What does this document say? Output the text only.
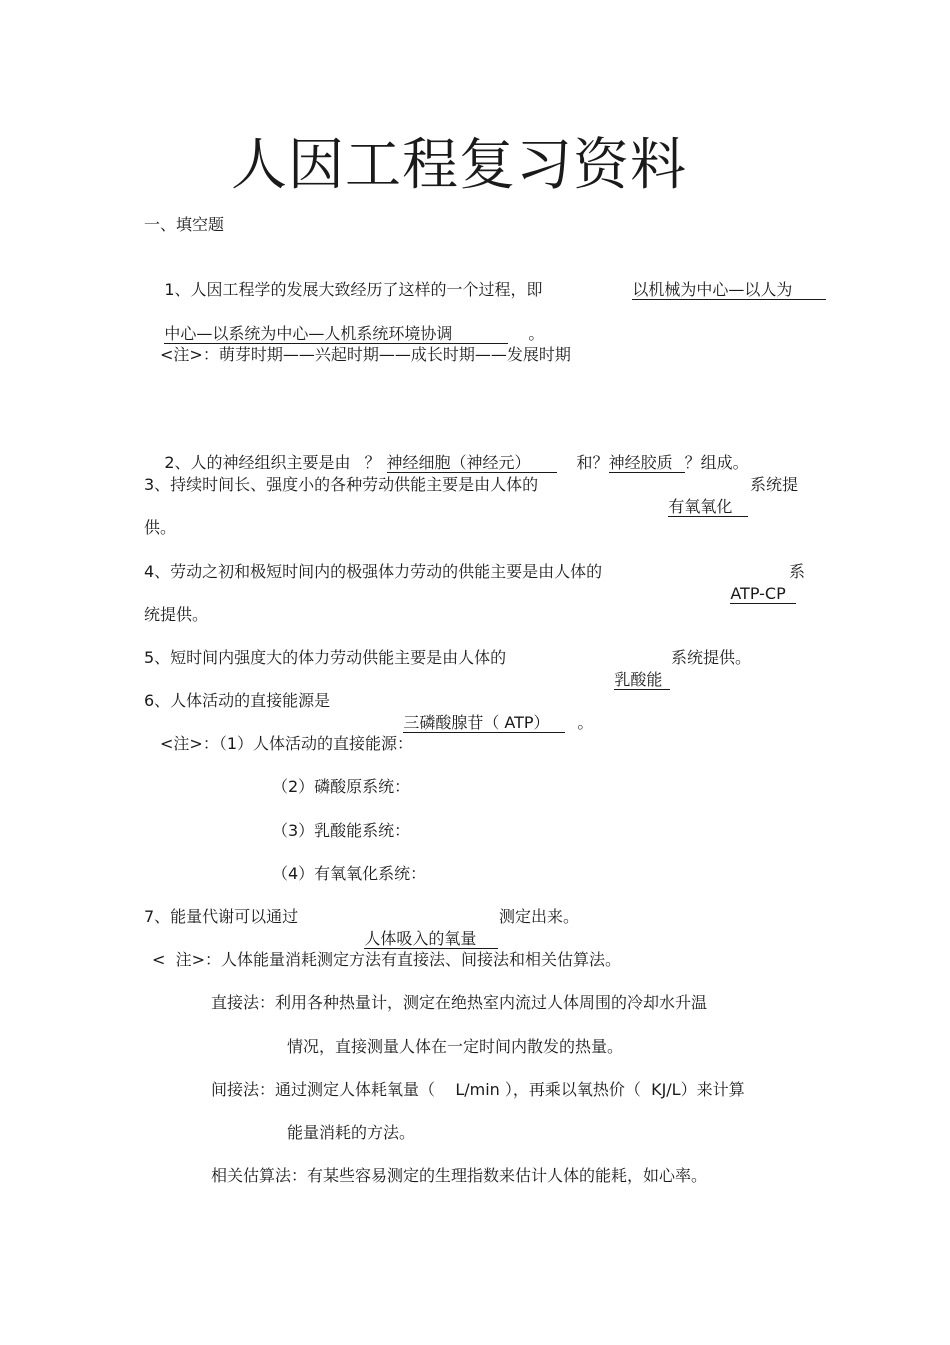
人因工程复习资料
一、填空题

1、人因工程学的发展大致经历了这样的一个过程，即
	以机械为中心—以人为

中心—以系统为中心—人机系统环境协调	。

<注>：萌芽时期——兴起时期——成长时期——发展时期

2、人的神经组织主要是由 ？ 神经细胞（神经元）	和？神经胶质 ？组成。

3、持续时间长、强度小的各种劳动供能主要是由人体的

有氧氧化

系统提
供。
4、劳动之初和极短时间内的极强体力劳动的供能主要是由人体的

ATP-CP

系
统提供。
5、短时间内强度大的体力劳动供能主要是由人体的

乳酸能

系统提供。
6、人体活动的直接能源是

三磷酸腺苷（ ATP） 。

<注>：（1）人体活动的直接能源：
（2）磷酸原系统：
（3）乳酸能系统：
（4）有氧氧化系统：
7、能量代谢可以通过

人体吸入的氧量

测定出来。
<  注>：人体能量消耗测定方法有直接法、间接法和相关估算法。
直接法：利用各种热量计，测定在绝热室内流过人体周围的冷却水升温
情况，直接测量人体在一定时间内散发的热量。
间接法：通过测定人体耗氧量（    L/min ），再乘以氧热价（  KJ/L）来计算
能量消耗的方法。
相关估算法：有某些容易测定的生理指数来估计人体的能耗，如心率。
